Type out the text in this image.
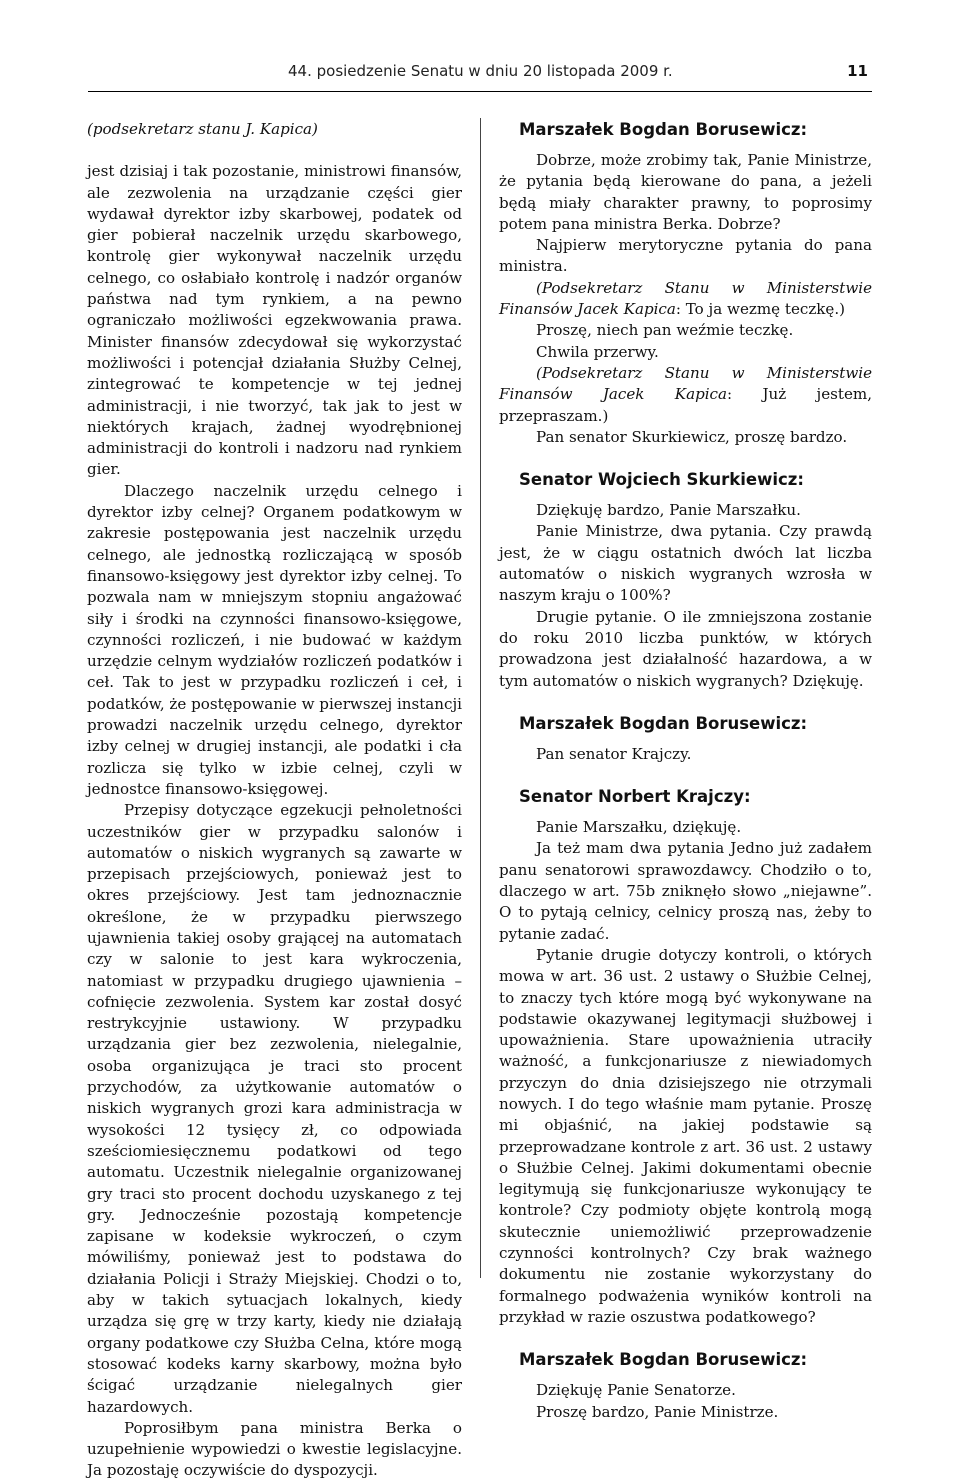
44. posiedzenie Senatu w dniu 20 listopada 2009 r.	11

(podsekretarz stanu J. Kapica)

jest dzisiaj i tak pozostanie, ministrowi finansów, ale zezwolenia na urządzanie części gier wydawał dyrektor izby skarbowej, podatek od gier pobierał naczelnik urzędu skarbowego, kontrolę gier wykonywał naczelnik urzędu celnego, co osłabiało kontrolę i nadzór organów państwa nad tym rynkiem, a na pewno ograniczało możliwości egzekwowania prawa. Minister finansów zdecydował się wykorzystać możliwości i potencjał działania Służby Celnej, zintegrować te kompetencje w tej jednej administracji, i nie tworzyć, tak jak to jest w niektórych krajach, żadnej wyodrębnionej administracji do kontroli i nadzoru nad rynkiem gier.

Dlaczego naczelnik urzędu celnego i dyrektor izby celnej? Organem podatkowym w zakresie postępowania jest naczelnik urzędu celnego, ale jednostką rozliczającą w sposób finansowo-księgowy jest dyrektor izby celnej. To pozwala nam w mniejszym stopniu angażować siły i środki na czynności finansowo-księgowe, czynności rozliczeń, i nie budować w każdym urzędzie celnym wydziałów rozliczeń podatków i ceł. Tak to jest w przypadku rozliczeń i ceł, i podatków, że postępowanie w pierwszej instancji prowadzi naczelnik urzędu celnego, dyrektor izby celnej w drugiej instancji, ale podatki i cła rozlicza się tylko w izbie celnej, czyli w jednostce finansowo-księgowej.

Przepisy dotyczące egzekucji pełnoletności uczestników gier w przypadku salonów i automatów o niskich wygranych są zawarte w przepisach przejściowych, ponieważ jest to okres przejściowy. Jest tam jednoznacznie określone, że w przypadku pierwszego ujawnienia takiej osoby grającej na automatach czy w salonie to jest kara wykroczenia, natomiast w przypadku drugiego ujawnienia – cofnięcie zezwolenia. System kar został dosyć restrykcyjnie ustawiony. W przypadku urządzania gier bez zezwolenia, nielegalnie, osoba organizująca je traci sto procent przychodów, za użytkowanie automatów o niskich wygranych grozi kara administracja w wysokości 12 tysięcy zł, co odpowiada sześciomiesięcznemu podatkowi od tego automatu. Uczestnik nielegalnie organizowanej gry traci sto procent dochodu uzyskanego z tej gry. Jednocześnie pozostają kompetencje zapisane w kodeksie wykroczeń, o czym mówiliśmy, ponieważ jest to podstawa do działania Policji i Straży Miejskiej. Chodzi o to, aby w takich sytuacjach lokalnych, kiedy urządza się grę w trzy karty, kiedy nie działają organy podatkowe czy Służba Celna, które mogą stosować kodeks karny skarbowy, można było ścigać urządzanie nielegalnych gier hazardowych.

Poprosiłbym pana ministra Berka o uzupełnienie wypowiedzi o kwestie legislacyjne. Ja pozostaję oczywiście do dyspozycji.

Marszałek Bogdan Borusewicz:

Dobrze, może zrobimy tak, Panie Ministrze, że pytania będą kierowane do pana, a jeżeli będą miały charakter prawny, to poprosimy potem pana ministra Berka. Dobrze?

Najpierw merytoryczne pytania do pana ministra.

(Podsekretarz Stanu w Ministerstwie Finansów Jacek Kapica: To ja wezmę teczkę.)

Proszę, niech pan weźmie teczkę.

Chwila przerwy.

(Podsekretarz Stanu w Ministerstwie Finansów Jacek Kapica: Już jestem, przepraszam.)

Pan senator Skurkiewicz, proszę bardzo.

Senator Wojciech Skurkiewicz:

Dziękuję bardzo, Panie Marszałku.

Panie Ministrze, dwa pytania. Czy prawdą jest, że w ciągu ostatnich dwóch lat liczba automatów o niskich wygranych wzrosła w naszym kraju o 100%?

Drugie pytanie. O ile zmniejszona zostanie do roku 2010 liczba punktów, w których prowadzona jest działalność hazardowa, a w tym automatów o niskich wygranych? Dziękuję.

Marszałek Bogdan Borusewicz:

Pan senator Krajczy.

Senator Norbert Krajczy:

Panie Marszałku, dziękuję.

Ja też mam dwa pytania Jedno już zadałem panu senatorowi sprawozdawcy. Chodziło o to, dlaczego w art. 75b zniknęło słowo „niejawne”. O to pytają celnicy, celnicy proszą nas, żeby to pytanie zadać.

Pytanie drugie dotyczy kontroli, o których mowa w art. 36 ust. 2 ustawy o Służbie Celnej, to znaczy tych które mogą być wykonywane na podstawie okazywanej legitymacji służbowej i upoważnienia. Stare upoważnienia utraciły ważność, a funkcjonariusze z niewiadomych przyczyn do dnia dzisiejszego nie otrzymali nowych. I do tego właśnie mam pytanie. Proszę mi objaśnić, na jakiej podstawie są przeprowadzane kontrole z art. 36 ust. 2 ustawy o Służbie Celnej. Jakimi dokumentami obecnie legitymują się funkcjonariusze wykonujący te kontrole? Czy podmioty objęte kontrolą mogą skutecznie uniemożliwić przeprowadzenie czynności kontrolnych? Czy brak ważnego dokumentu nie zostanie wykorzystany do formalnego podważenia wyników kontroli na przykład w razie oszustwa podatkowego?

Marszałek Bogdan Borusewicz:

Dziękuję Panie Senatorze.

Proszę bardzo, Panie Ministrze.
